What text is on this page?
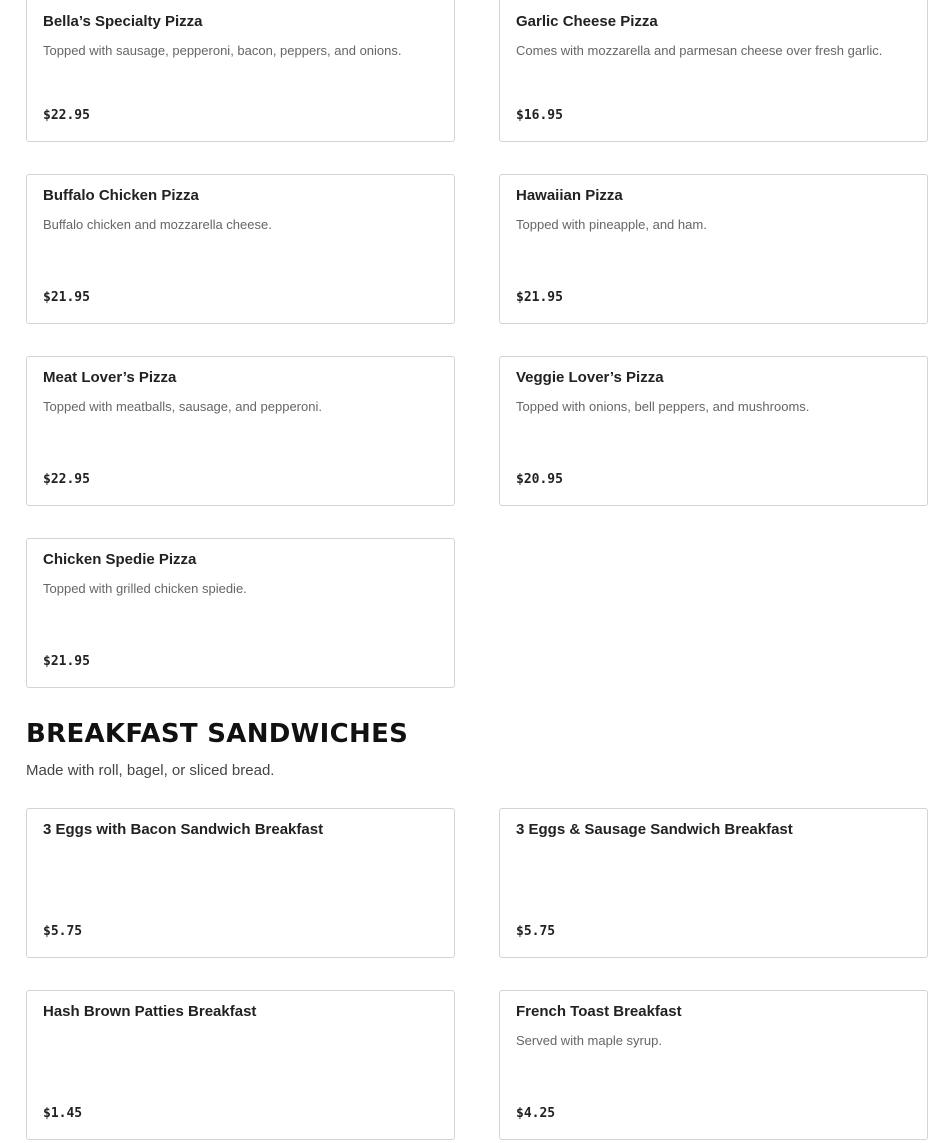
Bella’s Specialty Pizza
Topped with sausage, pepperoni, bacon, peppers, and onions.
$22.95
Garlic Cheese Pizza
Comes with mozzarella and parmesan cheese over fresh garlic.
$16.95
Buffalo Chicken Pizza
Buffalo chicken and mozzarella cheese.
$21.95
Hawaiian Pizza
Topped with pineapple, and ham.
$21.95
Meat Lover’s Pizza
Topped with meatballs, sausage, and pepperoni.
$22.95
Veggie Lover’s Pizza
Topped with onions, bell peppers, and mushrooms.
$20.95
Chicken Spedie Pizza
Topped with grilled chicken spiedie.
$21.95
BREAKFAST SANDWICHES

Made with roll, bagel, or sliced bread.

3 Eggs with Bacon Sandwich Breakfast
$5.75
3 Eggs & Sausage Sandwich Breakfast
$5.75
Hash Brown Patties Breakfast
$1.45
French Toast Breakfast
Served with maple syrup.
$4.25
